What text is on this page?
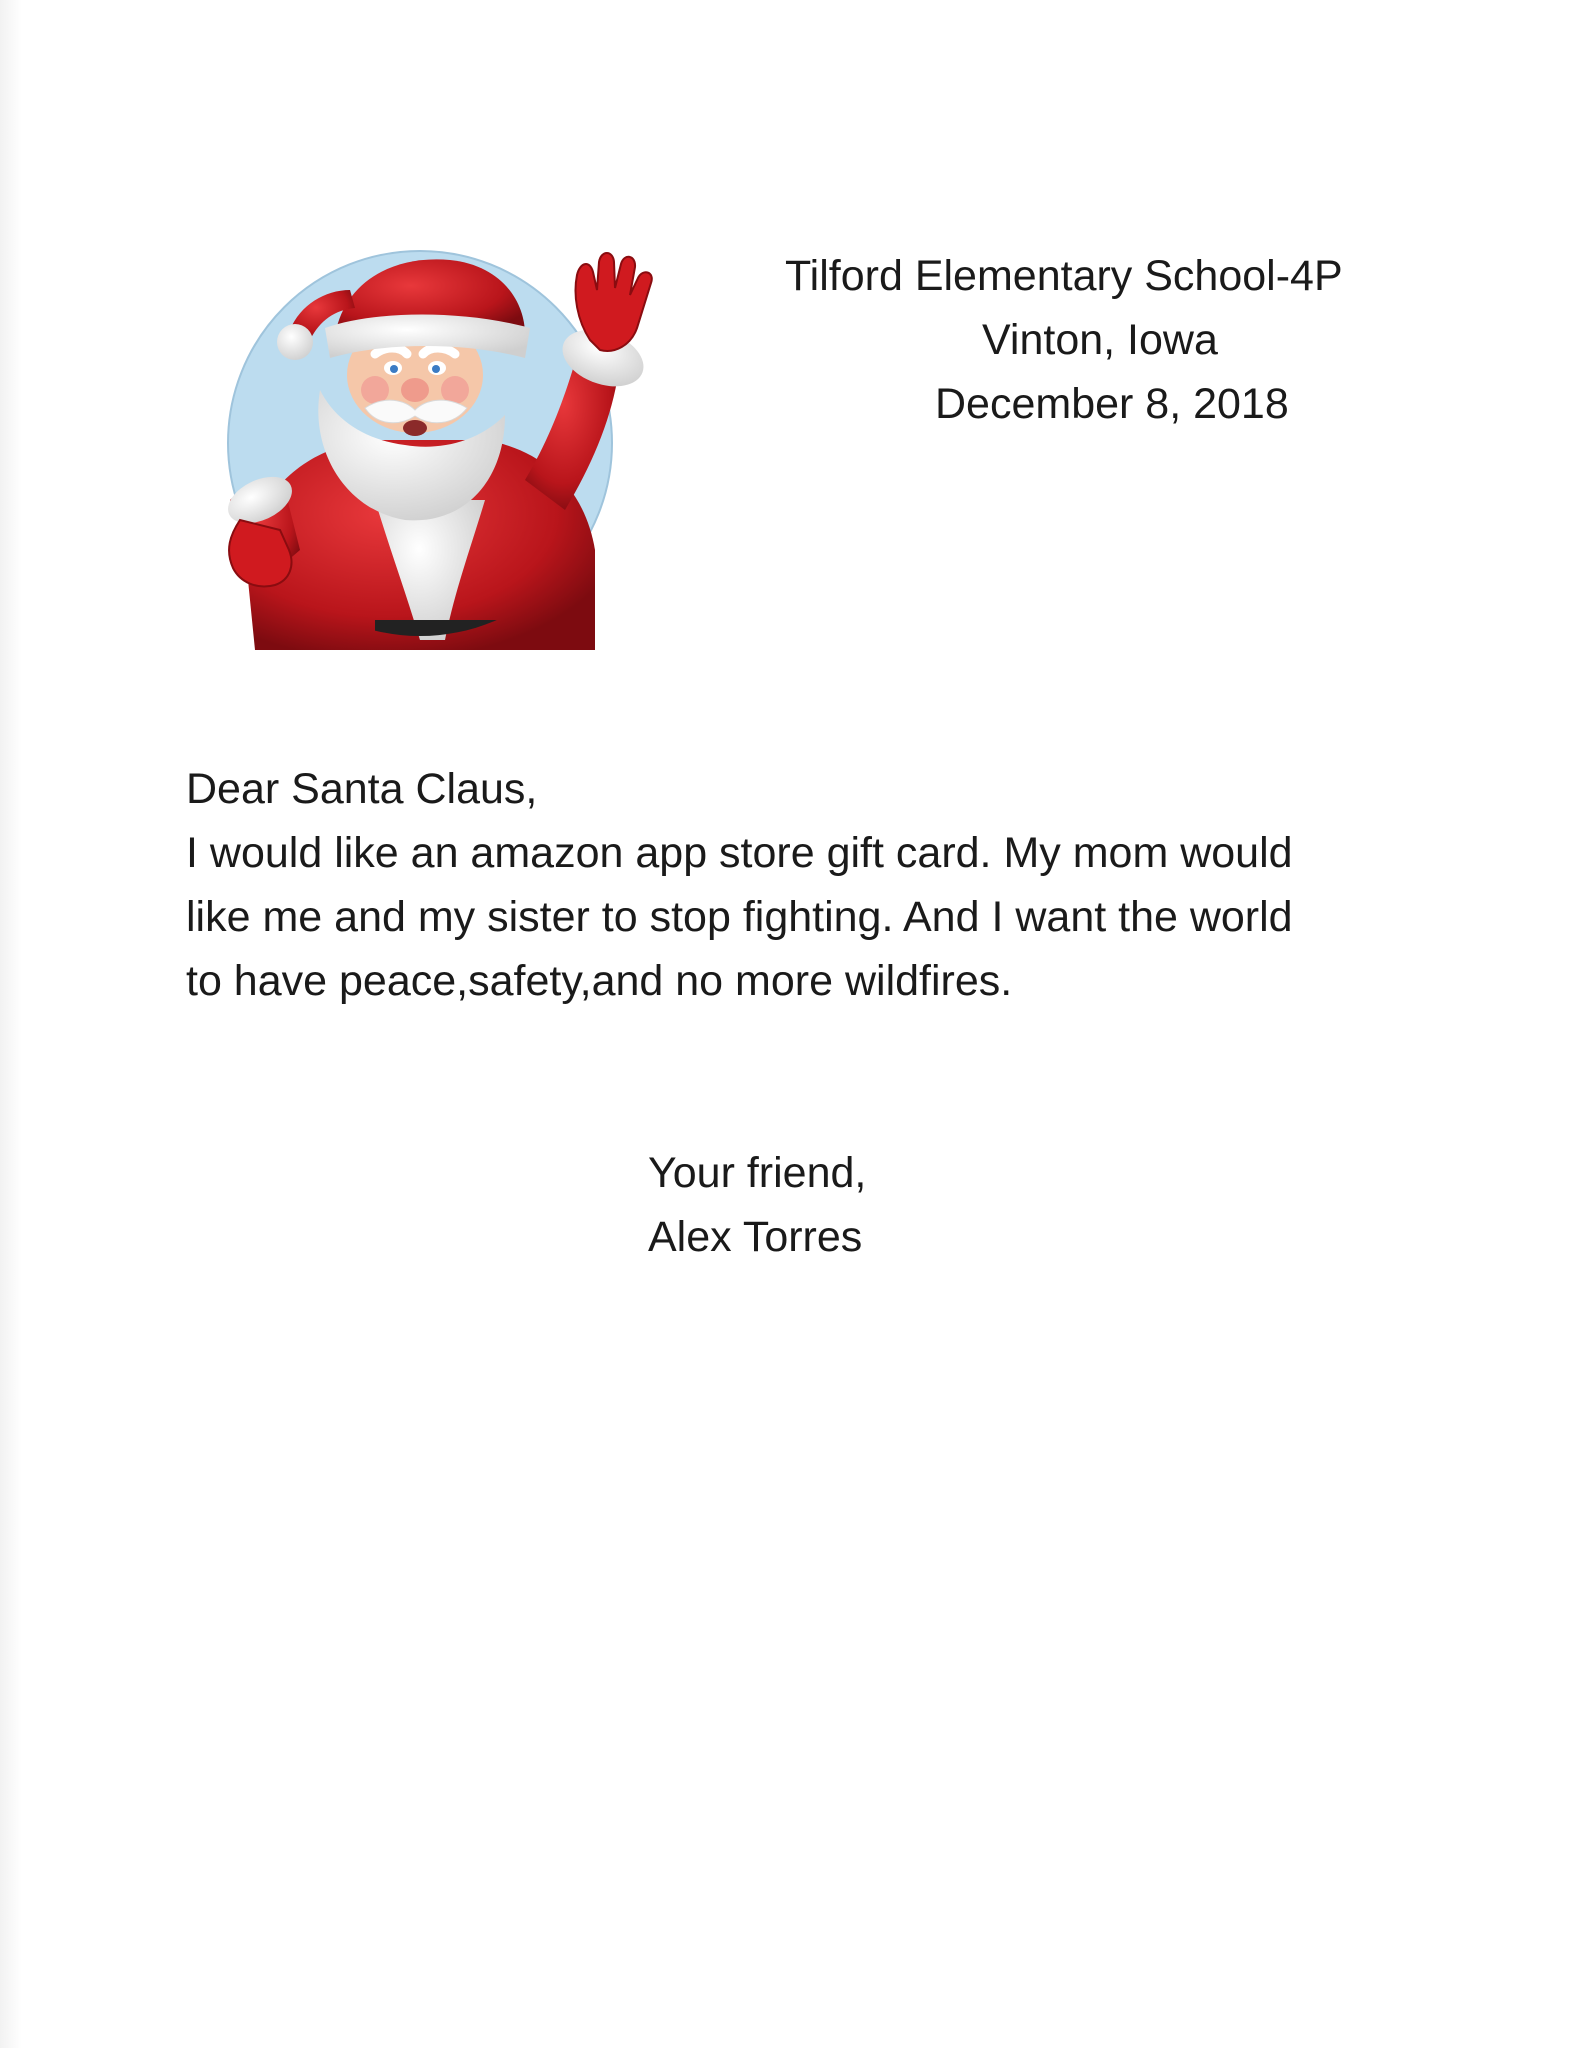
Tilford Elementary School-4P
Vinton, Iowa
December 8, 2018
Dear Santa Claus,
I would like an amazon app store gift card. My mom would
like me and my sister to stop fighting. And I want the world
to have peace,safety,and no more wildfires.
Your friend,
Alex Torres
